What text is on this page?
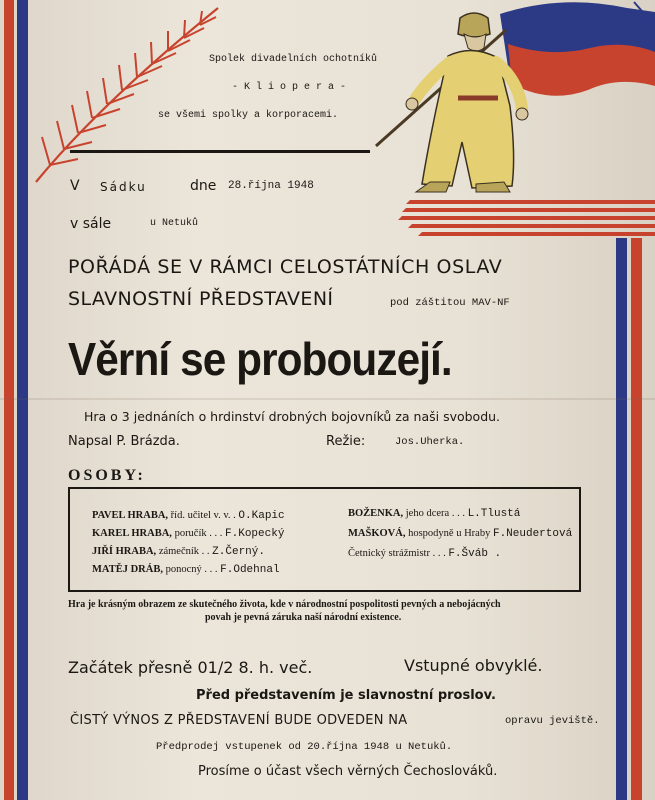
Spolek divadelních ochotníků
- K l i o p e r a -
se všemi spolky a korporacemi.
V Sádku	dne 28.října 1948
v sále	u Netuků
POŘÁDÁ SE V RÁMCI CELOSTÁTNÍCH OSLAV
SLAVNOSTNÍ PŘEDSTAVENÍ	pod záštitou MAV-NF
Věrní se probouzejí.
Hra o 3 jednáních o hrdinství drobných bojovníků za naši svobodu.
Napsal P. Brázda.	Režie:	Jos.Uherka.
OSOBY:
PAVEL HRABA, říd. učitel v. v. . O.Kapic
KAREL HRABA, poručík . . . F.Kopecký
JIŘÍ HRABA, zámečník . . Z.Černý.
MATĚJ DRÁB, ponocný . . . F.Odehnal
BOŽENKA, jeho dcera . . . L.Tlustá
MAŠKOVÁ, hospodyně u Hraby F.Neudertová
Četnický strážmistr . . . F.Šváb .
Hra je krásným obrazem ze skutečného života, kde v národnostní pospolitosti pevných a nebojácných
povah je pevná záruka naší národní existence.
Začátek přesně 01/2 8. h. več.	Vstupné obvyklé.
Před představením je slavnostní proslov.
ČISTÝ VÝNOS Z PŘEDSTAVENÍ BUDE ODVEDEN NA	opravu jeviště.
Předprodej vstupenek od 20.října 1948 u Netuků.
Prosíme o účast všech věrných Čechoslováků.
